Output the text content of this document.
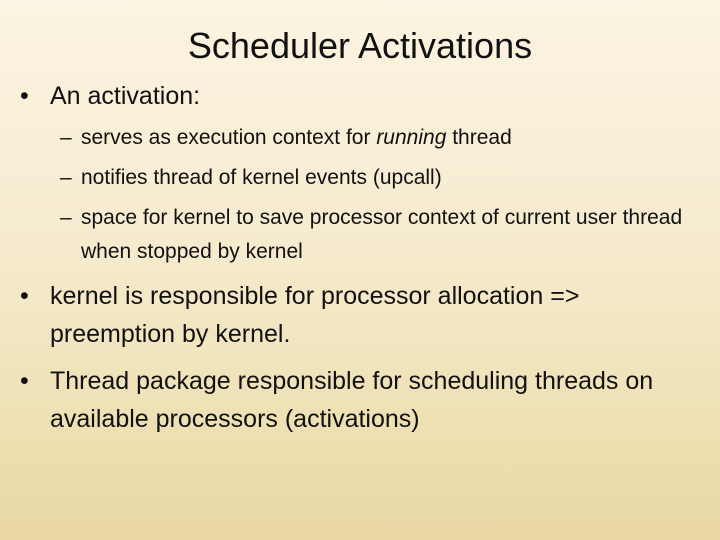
Scheduler Activations
• An activation:
– serves as execution context for running thread
– notifies thread of kernel events (upcall)
– space for kernel to save processor context of current user thread when stopped by kernel
• kernel is responsible for processor allocation => preemption by kernel.
• Thread package responsible for scheduling threads on available processors (activations)
